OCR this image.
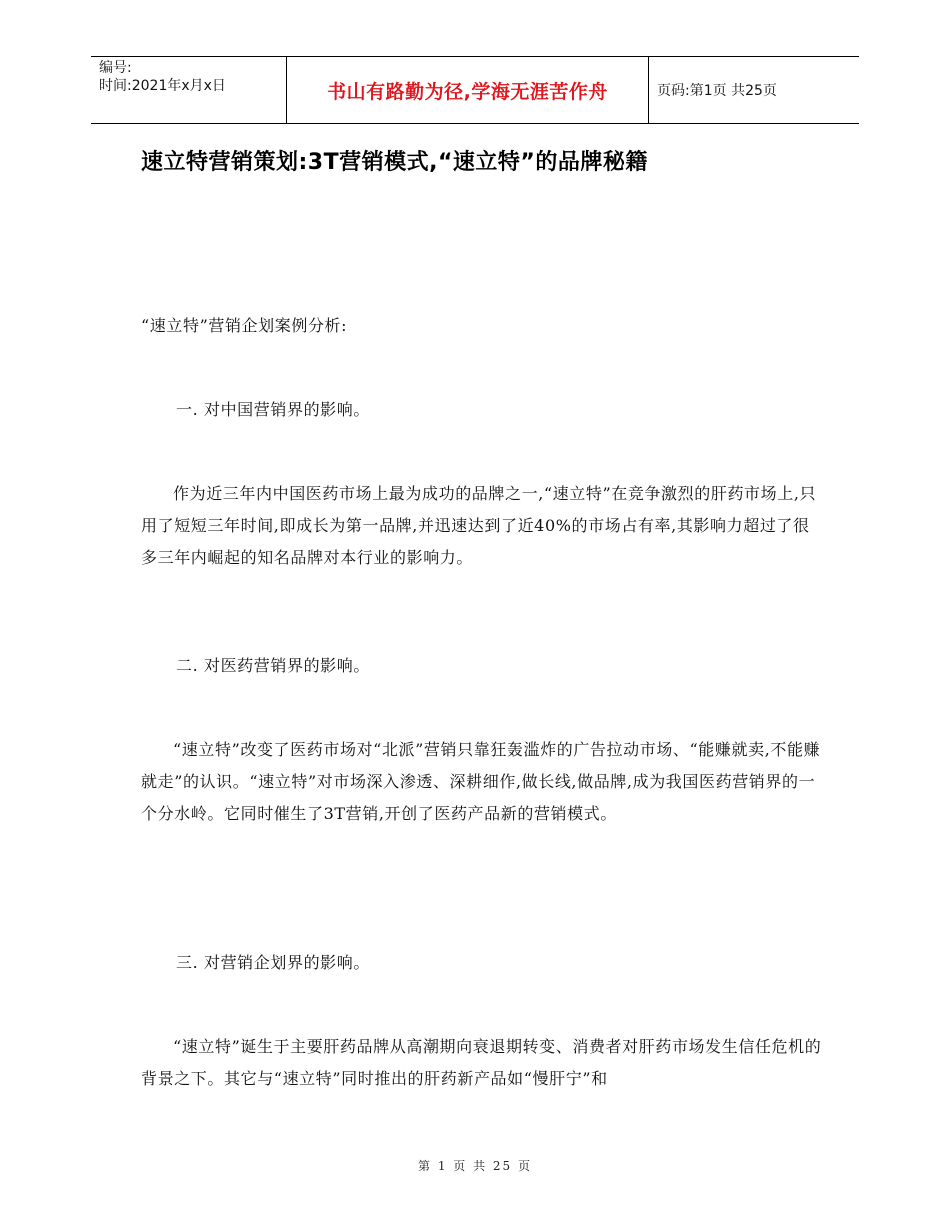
编号:
时间:2021年x月x日	书山有路勤为径,学海无涯苦作舟	页码:第1页 共25页
速立特营销策划:3T营销模式,“速立特”的品牌秘籍
“速立特”营销企划案例分析:
一. 对中国营销界的影响。
作为近三年内中国医药市场上最为成功的品牌之一,“速立特”在竞争激烈的肝药市场上,只用了短短三年时间,即成长为第一品牌,并迅速达到了近40%的市场占有率,其影响力超过了很多三年内崛起的知名品牌对本行业的影响力。
二. 对医药营销界的影响。
“速立特”改变了医药市场对“北派”营销只靠狂轰滥炸的广告拉动市场、“能赚就卖,不能赚就走”的认识。“速立特”对市场深入渗透、深耕细作,做长线,做品牌,成为我国医药营销界的一个分水岭。它同时催生了3T营销,开创了医药产品新的营销模式。
三. 对营销企划界的影响。
“速立特”诞生于主要肝药品牌从高潮期向衰退期转变、消费者对肝药市场发生信任危机的背景之下。其它与“速立特”同时推出的肝药新产品如“慢肝宁”和
第 1 页 共 25 页
